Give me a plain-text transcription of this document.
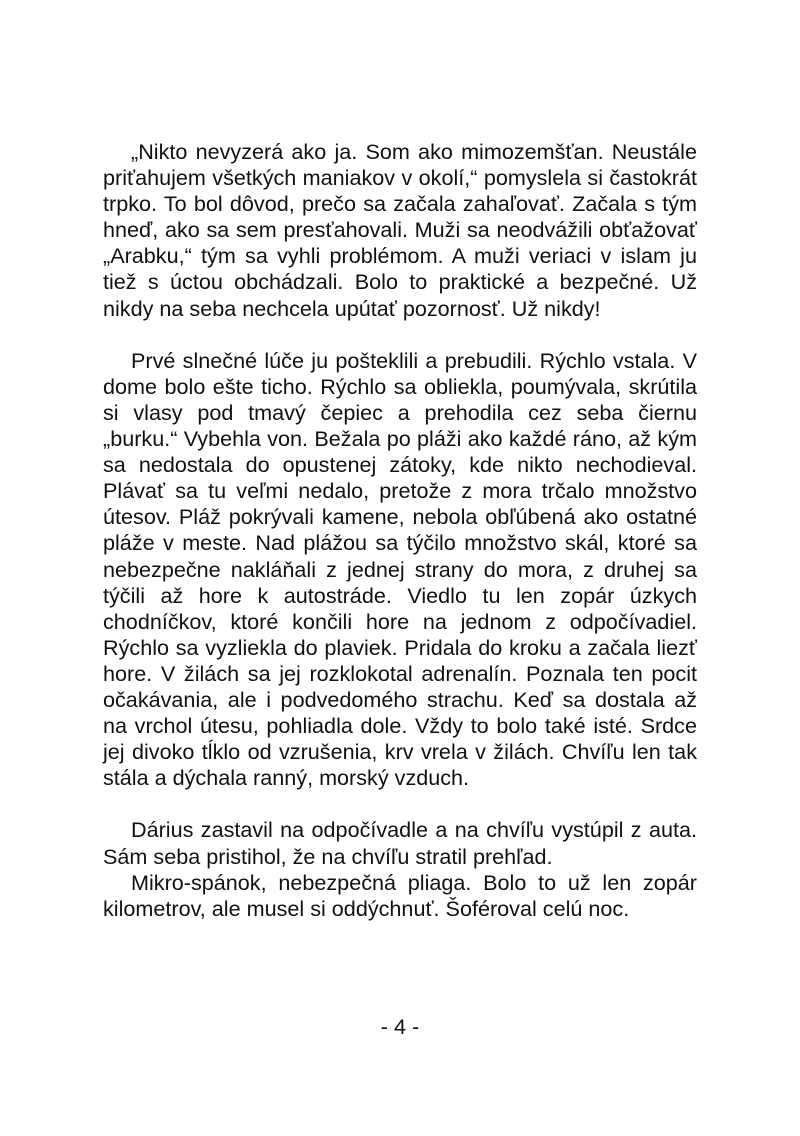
„Nikto nevyzerá ako ja. Som ako mimozemšťan. Neustále priťahujem všetkých maniakov v okolí,“ pomyslela si častokrát trpko. To bol dôvod, prečo sa začala zahaľovať. Začala s tým hneď, ako sa sem presťahovali. Muži sa neodvážili obťažovať „Arabku,“ tým sa vyhli problémom. A muži veriaci v islam ju tiež s úctou obchádzali. Bolo to praktické a bezpečné. Už nikdy na seba nechcela upútať pozornosť. Už nikdy!

Prvé slnečné lúče ju pošteklili a prebudili. Rýchlo vstala. V dome bolo ešte ticho. Rýchlo sa obliekla, poumývala, skrútila si vlasy pod tmavý čepiec a prehodila cez seba čiernu „burku.“ Vybehla von. Bežala po pláži ako každé ráno, až kým sa nedostala do opustenej zátoky, kde nikto nechodieval. Plávať sa tu veľmi nedalo, pretože z mora trčalo množstvo útesov. Pláž pokrývali kamene, nebola obľúbená ako ostatné pláže v meste. Nad plážou sa týčilo množstvo skál, ktoré sa nebezpečne nakláňali z jednej strany do mora, z druhej sa týčili až hore k autostráde. Viedlo tu len zopár úzkych chodníčkov, ktoré končili hore na jednom z odpočívadiel. Rýchlo sa vyzliekla do plaviek. Pridala do kroku a začala liezť hore. V žilách sa jej rozklokotal adrenalín. Poznala ten pocit očakávania, ale i podvedomého strachu. Keď sa dostala až na vrchol útesu, pohliadla dole. Vždy to bolo také isté. Srdce jej divoko tĺklo od vzrušenia, krv vrela v žilách. Chvíľu len tak stála a dýchala ranný, morský vzduch.

Dárius zastavil na odpočívadle a na chvíľu vystúpil z auta. Sám seba pristihol, že na chvíľu stratil prehľad.

Mikro-spánok, nebezpečná pliaga. Bolo to už len zopár kilometrov, ale musel si oddýchnuť. Šoféroval celú noc.

- 4 -
